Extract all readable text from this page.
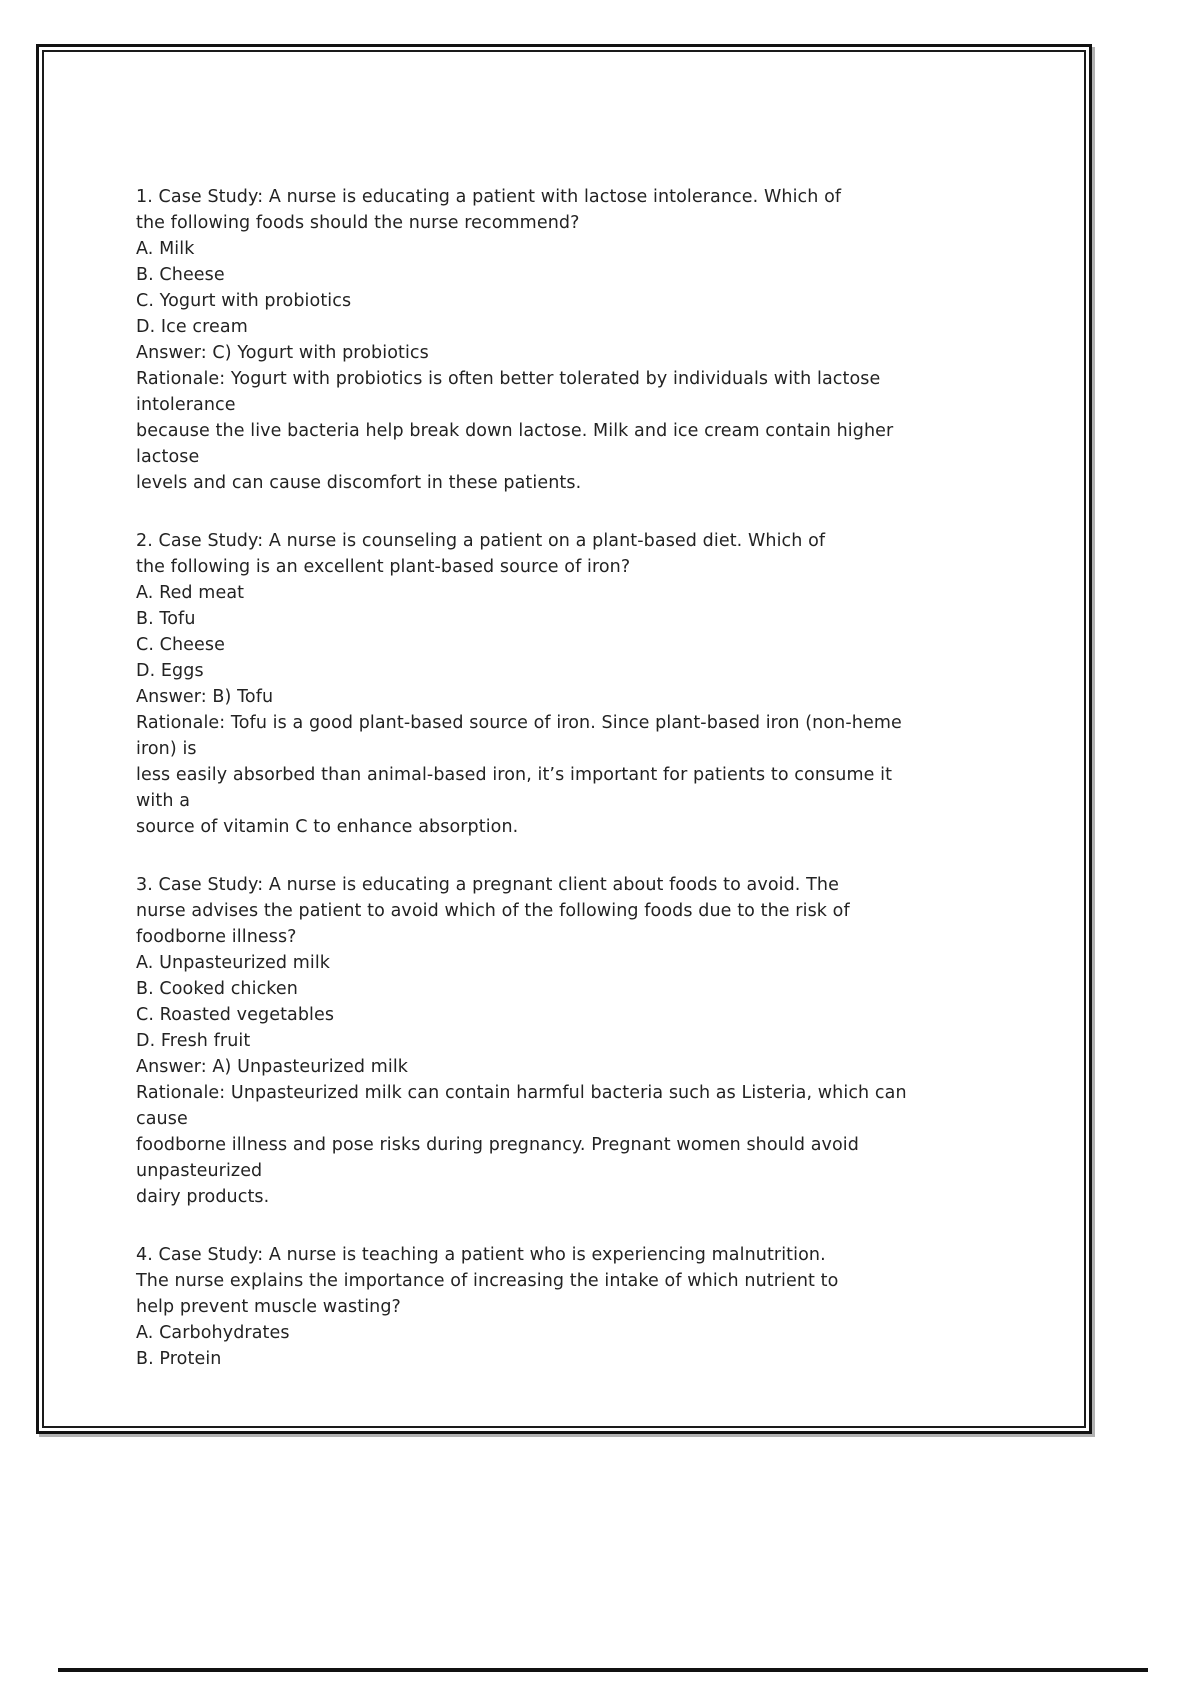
1. Case Study: A nurse is educating a patient with lactose intolerance. Which of
the following foods should the nurse recommend?
A. Milk
B. Cheese
C. Yogurt with probiotics
D. Ice cream
Answer: C) Yogurt with probiotics
Rationale: Yogurt with probiotics is often better tolerated by individuals with lactose
intolerance
because the live bacteria help break down lactose. Milk and ice cream contain higher
lactose
levels and can cause discomfort in these patients.
2. Case Study: A nurse is counseling a patient on a plant-based diet. Which of
the following is an excellent plant-based source of iron?
A. Red meat
B. Tofu
C. Cheese
D. Eggs
Answer: B) Tofu
Rationale: Tofu is a good plant-based source of iron. Since plant-based iron (non-heme
iron) is
less easily absorbed than animal-based iron, it’s important for patients to consume it
with a
source of vitamin C to enhance absorption.
3. Case Study: A nurse is educating a pregnant client about foods to avoid. The
nurse advises the patient to avoid which of the following foods due to the risk of
foodborne illness?
A. Unpasteurized milk
B. Cooked chicken
C. Roasted vegetables
D. Fresh fruit
Answer: A) Unpasteurized milk
Rationale: Unpasteurized milk can contain harmful bacteria such as Listeria, which can
cause
foodborne illness and pose risks during pregnancy. Pregnant women should avoid
unpasteurized
dairy products.
4. Case Study: A nurse is teaching a patient who is experiencing malnutrition.
The nurse explains the importance of increasing the intake of which nutrient to
help prevent muscle wasting?
A. Carbohydrates
B. Protein
